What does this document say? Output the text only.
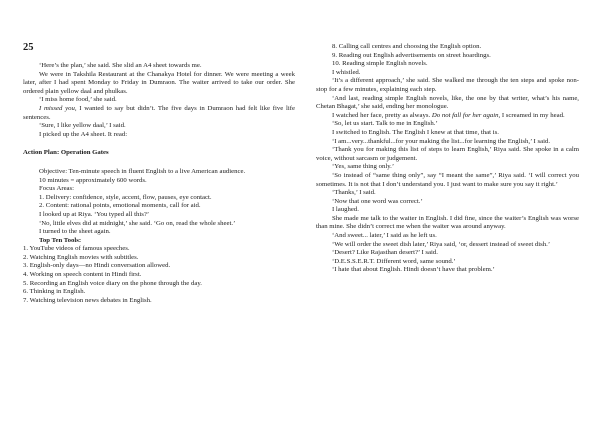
25

‘Here’s the plan,’ she said. She slid an A4 sheet towards me.

We were in Takshila Restaurant at the Chanakya Hotel for dinner. We were meeting a week later, after I had spent Monday to Friday in Dumraon. The waiter arrived to take our order. She ordered plain yellow daal and phulkas.

‘I miss home food,’ she said.

I missed you, I wanted to say but didn’t. The five days in Dumraon had felt like five life sentences.

‘Sure, I like yellow daal,’ I said.

I picked up the A4 sheet. It read:

Action Plan: Operation Gates

Objective: Ten-minute speech in fluent English to a live American audience.

10 minutes = approximately 600 words.

Focus Areas:

1. Delivery: confidence, style, accent, flow, pauses, eye contact.

2. Content: rational points, emotional moments, call for aid.

I looked up at Riya. ‘You typed all this?’

‘No, little elves did at midnight,’ she said. ‘Go on, read the whole sheet.’

I turned to the sheet again.

Top Ten Tools:

1. YouTube videos of famous speeches.

2. Watching English movies with subtitles.

3. English-only days—no Hindi conversation allowed.

4. Working on speech content in Hindi first.

5. Recording an English voice diary on the phone through the day.

6. Thinking in English.

7. Watching television news debates in English.

8. Calling call centres and choosing the English option.

9. Reading out English advertisements on street hoardings.

10. Reading simple English novels.

I whistled.

‘It’s a different approach,’ she said. She walked me through the ten steps and spoke non-stop for a few minutes, explaining each step.

‘And last, reading simple English novels, like, the one by that writer, what’s his name, Chetan Bhagat,’ she said, ending her monologue.

I watched her face, pretty as always. Do not fall for her again, I screamed in my head.

‘So, let us start. Talk to me in English.’

I switched to English. The English I knew at that time, that is.

‘I am...very...thankful...for your making the list...for learning the English,’ I said.

‘Thank you for making this list of steps to learn English,’ Riya said. She spoke in a calm voice, without sarcasm or judgement.

‘Yes, same thing only.’

‘So instead of “same thing only”, say “I meant the same”,’ Riya said. ‘I will correct you sometimes. It is not that I don’t understand you. I just want to make sure you say it right.’

‘Thanks,’ I said.

‘Now that one word was correct.’

I laughed.

She made me talk to the waiter in English. I did fine, since the waiter’s English was worse than mine. She didn’t correct me when the waiter was around anyway.

‘And sweet... later,’ I said as he left us.

‘We will order the sweet dish later,’ Riya said, ‘or, dessert instead of sweet dish.’

‘Desert? Like Rajasthan desert?’ I said.

‘D.E.S.S.E.R.T. Different word, same sound.’

‘I hate that about English. Hindi doesn’t have that problem.’
